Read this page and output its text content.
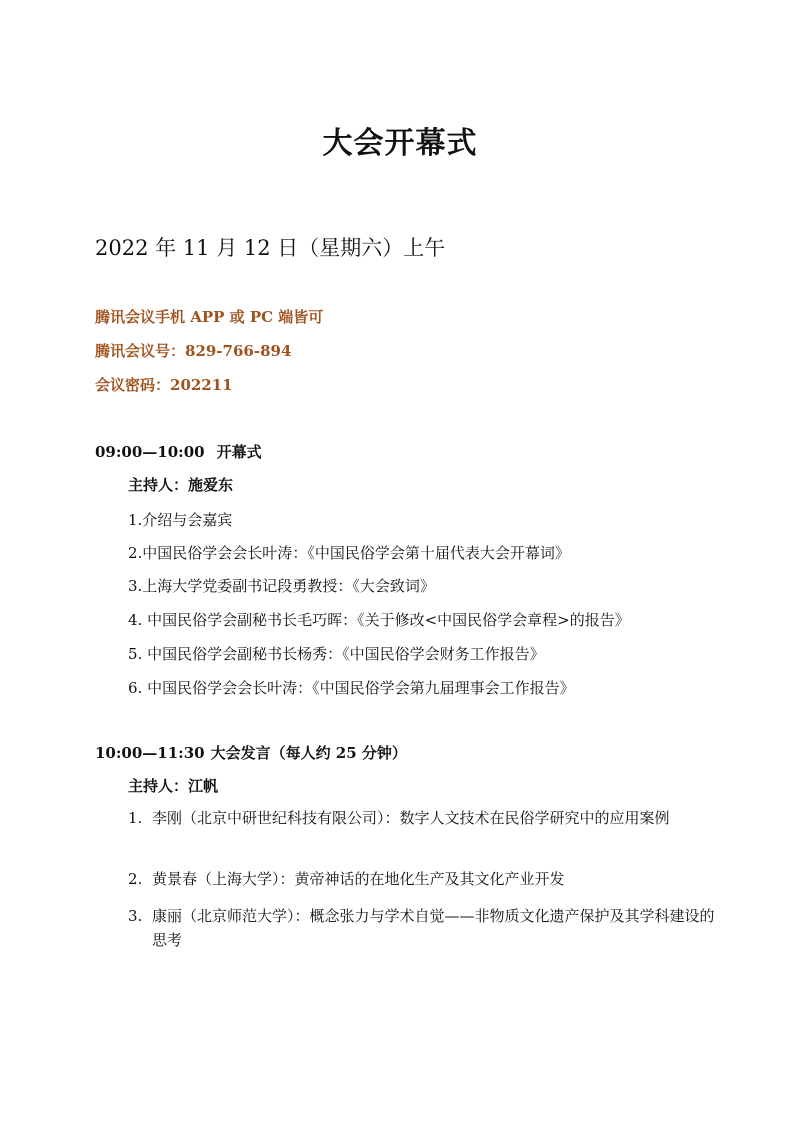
大会开幕式
2022 年 11 月 12 日（星期六）上午
腾讯会议手机 APP 或 PC 端皆可
腾讯会议号：829-766-894
会议密码：202211
09:00—10:00 开幕式
主持人：施爱东
1.介绍与会嘉宾
2.中国民俗学会会长叶涛：《中国民俗学会第十届代表大会开幕词》
3.上海大学党委副书记段勇教授：《大会致词》
4. 中国民俗学会副秘书长毛巧晖：《关于修改<中国民俗学会章程>的报告》
5. 中国民俗学会副秘书长杨秀：《中国民俗学会财务工作报告》
6. 中国民俗学会会长叶涛：《中国民俗学会第九届理事会工作报告》
10:00—11:30 大会发言（每人约 25 分钟）
主持人：江帆
1. 李刚（北京中研世纪科技有限公司）：数字人文技术在民俗学研究中的应用案例
2. 黄景春（上海大学）：黄帝神话的在地化生产及其文化产业开发
3. 康丽（北京师范大学）：概念张力与学术自觉——非物质文化遗产保护及其学科建设的思考
